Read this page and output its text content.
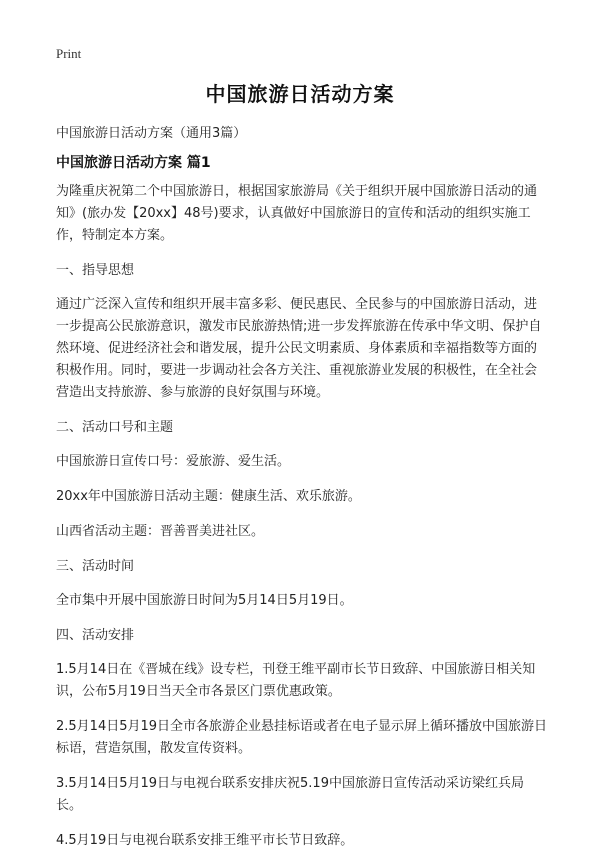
Print
中国旅游日活动方案
中国旅游日活动方案（通用3篇）
中国旅游日活动方案 篇1

为隆重庆祝第二个中国旅游日，根据国家旅游局《关于组织开展中国旅游日活动的通知》(旅办发【20xx】48号)要求，认真做好中国旅游日的宣传和活动的组织实施工作，特制定本方案。

一、指导思想

通过广泛深入宣传和组织开展丰富多彩、便民惠民、全民参与的中国旅游日活动，进一步提高公民旅游意识，激发市民旅游热情;进一步发挥旅游在传承中华文明、保护自然环境、促进经济社会和谐发展，提升公民文明素质、身体素质和幸福指数等方面的积极作用。同时，要进一步调动社会各方关注、重视旅游业发展的积极性，在全社会营造出支持旅游、参与旅游的良好氛围与环境。

二、活动口号和主题

中国旅游日宣传口号：爱旅游、爱生活。

20xx年中国旅游日活动主题：健康生活、欢乐旅游。

山西省活动主题：晋善晋美进社区。

三、活动时间

全市集中开展中国旅游日时间为5月14日5月19日。

四、活动安排

1.5月14日在《晋城在线》设专栏，刊登王维平副市长节日致辞、中国旅游日相关知识，公布5月19日当天全市各景区门票优惠政策。

2.5月14日5月19日全市各旅游企业悬挂标语或者在电子显示屏上循环播放中国旅游日标语，营造氛围，散发宣传资料。

3.5月14日5月19日与电视台联系安排庆祝5.19中国旅游日宣传活动采访梁红兵局长。

4.5月19日与电视台联系安排王维平市长节日致辞。
